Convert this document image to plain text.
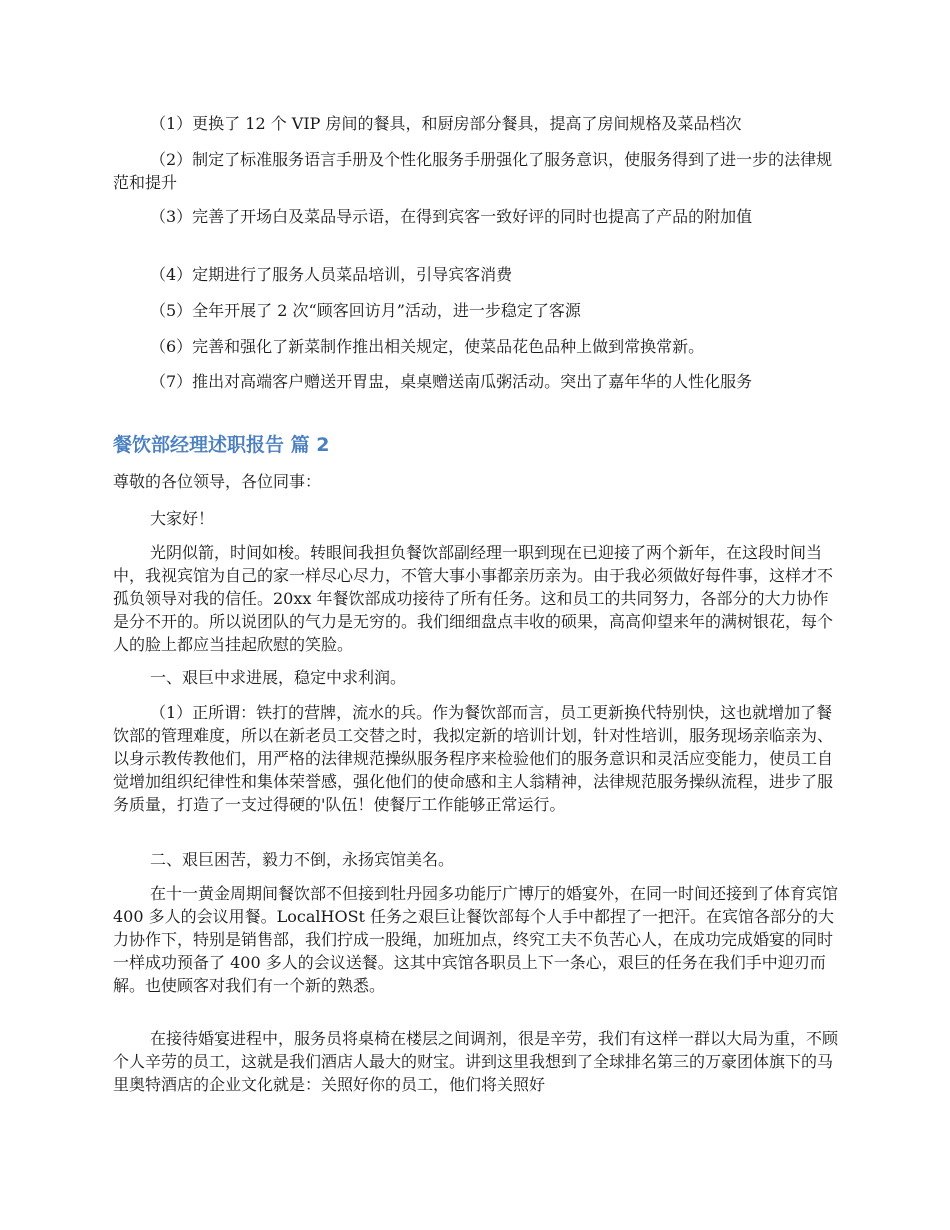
（1）更换了 12 个 VIP 房间的餐具，和厨房部分餐具，提高了房间规格及菜品档次
（2）制定了标准服务语言手册及个性化服务手册强化了服务意识，使服务得到了进一步的法律规范和提升
（3）完善了开场白及菜品导示语，在得到宾客一致好评的同时也提高了产品的附加值
（4）定期进行了服务人员菜品培训，引导宾客消费
（5）全年开展了 2 次“顾客回访月”活动，进一步稳定了客源
（6）完善和强化了新菜制作推出相关规定，使菜品花色品种上做到常换常新。
（7）推出对高端客户赠送开胃盅，桌桌赠送南瓜粥活动。突出了嘉年华的人性化服务
餐饮部经理述职报告 篇 2
尊敬的各位领导，各位同事：
大家好！
光阴似箭，时间如梭。转眼间我担负餐饮部副经理一职到现在已迎接了两个新年，在这段时间当中，我视宾馆为自己的家一样尽心尽力，不管大事小事都亲历亲为。由于我必须做好每件事，这样才不孤负领导对我的信任。20xx 年餐饮部成功接待了所有任务。这和员工的共同努力，各部分的大力协作是分不开的。所以说团队的气力是无穷的。我们细细盘点丰收的硕果，高高仰望来年的满树银花，每个人的脸上都应当挂起欣慰的笑脸。
一、艰巨中求进展，稳定中求利润。
（1）正所谓：铁打的营牌，流水的兵。作为餐饮部而言，员工更新换代特别快，这也就增加了餐饮部的管理难度，所以在新老员工交替之时，我拟定新的培训计划，针对性培训，服务现场亲临亲为、以身示教传教他们，用严格的法律规范操纵服务程序来检验他们的服务意识和灵活应变能力，使员工自觉增加组织纪律性和集体荣誉感，强化他们的使命感和主人翁精神，法律规范服务操纵流程，进步了服务质量，打造了一支过得硬的'队伍！使餐厅工作能够正常运行。
二、艰巨困苦，毅力不倒，永扬宾馆美名。
在十一黄金周期间餐饮部不但接到牡丹园多功能厅广博厅的婚宴外，在同一时间还接到了体育宾馆 400 多人的会议用餐。LocalHOSt 任务之艰巨让餐饮部每个人手中都捏了一把汗。在宾馆各部分的大力协作下，特别是销售部，我们拧成一股绳，加班加点，终究工夫不负苦心人，在成功完成婚宴的同时一样成功预备了 400 多人的会议送餐。这其中宾馆各职员上下一条心，艰巨的任务在我们手中迎刃而解。也使顾客对我们有一个新的熟悉。
在接待婚宴进程中，服务员将桌椅在楼层之间调剂，很是辛劳，我们有这样一群以大局为重，不顾个人辛劳的员工，这就是我们酒店人最大的财宝。讲到这里我想到了全球排名第三的万豪团体旗下的马里奥特酒店的企业文化就是：关照好你的员工，他们将关照好
